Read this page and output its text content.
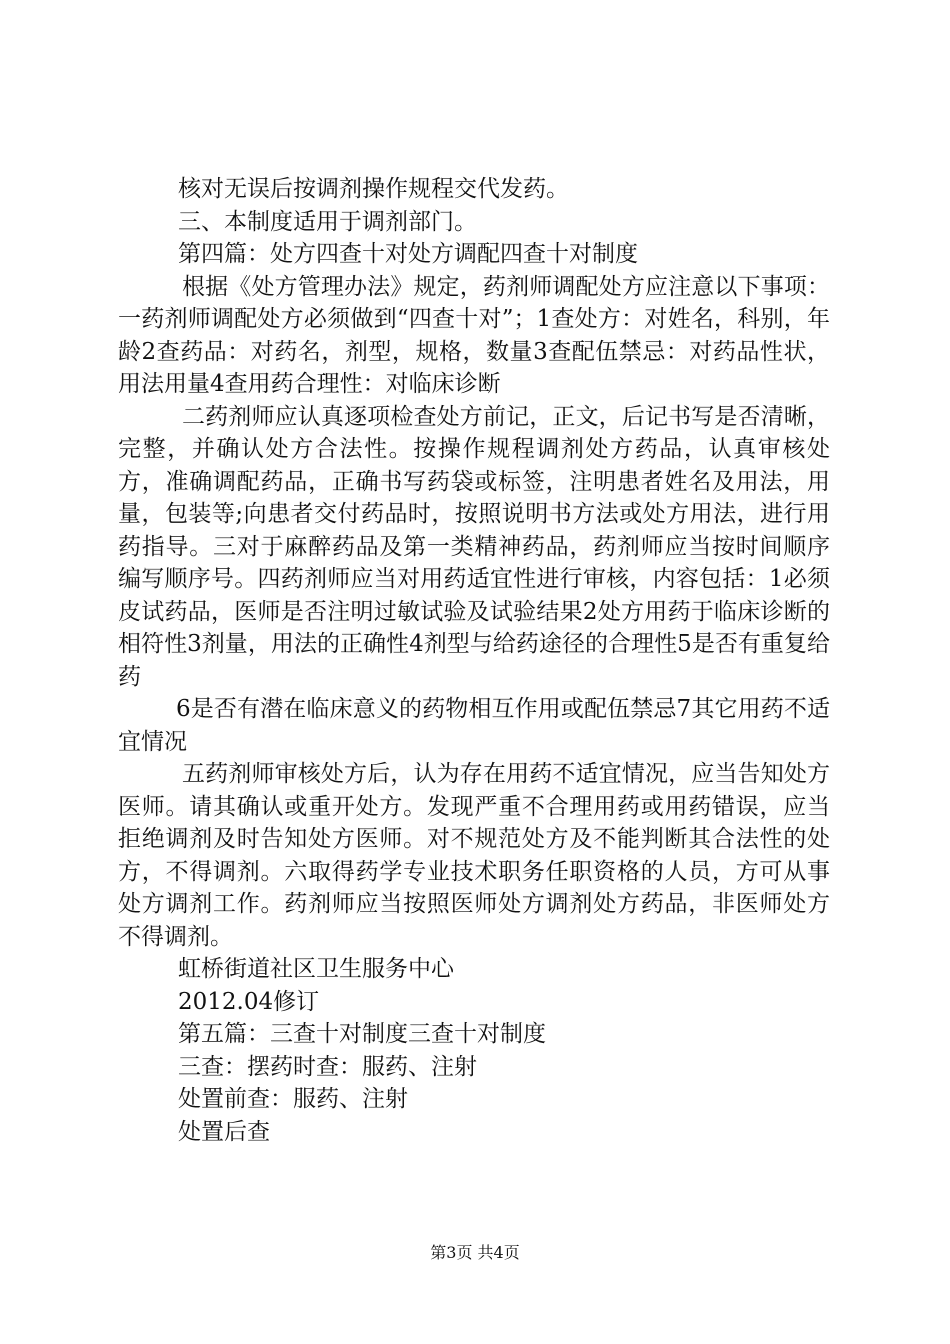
核对无误后按调剂操作规程交代发药。

三、本制度适用于调剂部门。

第四篇：处方四查十对处方调配四查十对制度

根据《处方管理办法》规定，药剂师调配处方应注意以下事项：一药剂师调配处方必须做到“四查十对”；1查处方：对姓名，科别，年龄2查药品：对药名，剂型，规格，数量3查配伍禁忌：对药品性状，用法用量4查用药合理性：对临床诊断

二药剂师应认真逐项检查处方前记，正文，后记书写是否清晰，完整，并确认处方合法性。按操作规程调剂处方药品，认真审核处方，准确调配药品，正确书写药袋或标签，注明患者姓名及用法，用量，包装等;向患者交付药品时，按照说明书方法或处方用法，进行用药指导。三对于麻醉药品及第一类精神药品，药剂师应当按时间顺序编写顺序号。四药剂师应当对用药适宜性进行审核，内容包括：1必须皮试药品，医师是否注明过敏试验及试验结果2处方用药于临床诊断的相符性3剂量，用法的正确性4剂型与给药途径的合理性5是否有重复给药

6是否有潜在临床意义的药物相互作用或配伍禁忌7其它用药不适宜情况

五药剂师审核处方后，认为存在用药不适宜情况，应当告知处方医师。请其确认或重开处方。发现严重不合理用药或用药错误，应当拒绝调剂及时告知处方医师。对不规范处方及不能判断其合法性的处方，不得调剂。六取得药学专业技术职务任职资格的人员，方可从事处方调剂工作。药剂师应当按照医师处方调剂处方药品，非医师处方不得调剂。

虹桥街道社区卫生服务中心

2012.04修订

第五篇：三查十对制度三查十对制度

三查：摆药时查：服药、注射

处置前查：服药、注射

处置后查

第3页 共4页
